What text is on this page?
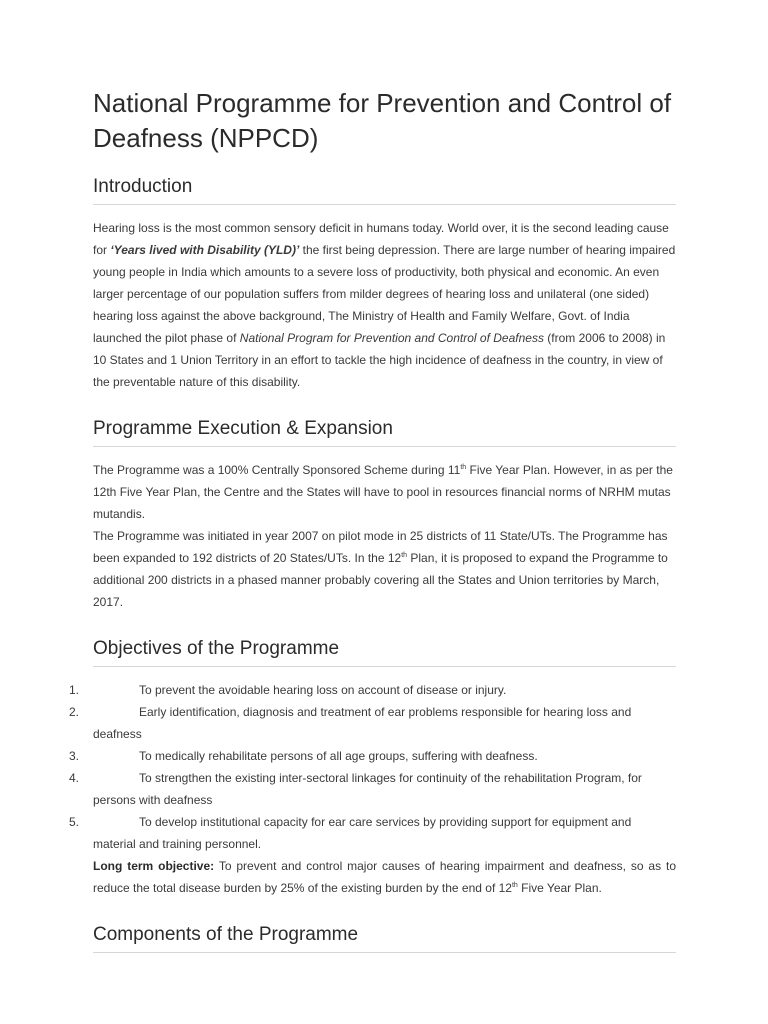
National Programme for Prevention and Control of Deafness (NPPCD)
Introduction

Hearing loss is the most common sensory deficit in humans today. World over, it is the second leading cause for ‘Years lived with Disability (YLD)’ the first being depression. There are large number of hearing impaired young people in India which amounts to a severe loss of productivity, both physical and economic. An even larger percentage of our population suffers from milder degrees of hearing loss and unilateral (one sided) hearing loss against the above background, The Ministry of Health and Family Welfare, Govt. of India launched the pilot phase of National Program for Prevention and Control of Deafness (from 2006 to 2008) in 10 States and 1 Union Territory in an effort to tackle the high incidence of deafness in the country, in view of the preventable nature of this disability.

Programme Execution & Expansion

The Programme was a 100% Centrally Sponsored Scheme during 11th Five Year Plan. However, in as per the 12th Five Year Plan, the Centre and the States will have to pool in resources financial norms of NRHM mutas mutandis.

The Programme was initiated in year 2007 on pilot mode in 25 districts of 11 State/UTs. The Programme has been expanded to 192 districts of 20 States/UTs. In the 12th Plan, it is proposed to expand the Programme to additional 200 districts in a phased manner probably covering all the States and Union territories by March, 2017.

Objectives of the Programme
1.	To prevent the avoidable hearing loss on account of disease or injury.
2.	Early identification, diagnosis and treatment of ear problems responsible for hearing loss and deafness
3.	To medically rehabilitate persons of all age groups, suffering with deafness.
4.	To strengthen the existing inter-sectoral linkages for continuity of the rehabilitation Program, for persons with deafness
5.	To develop institutional capacity for ear care services by providing support for equipment and material and training personnel.

Long term objective: To prevent and control major causes of hearing impairment and deafness, so as to reduce the total disease burden by 25% of the existing burden by the end of 12th Five Year Plan.

Components of the Programme
